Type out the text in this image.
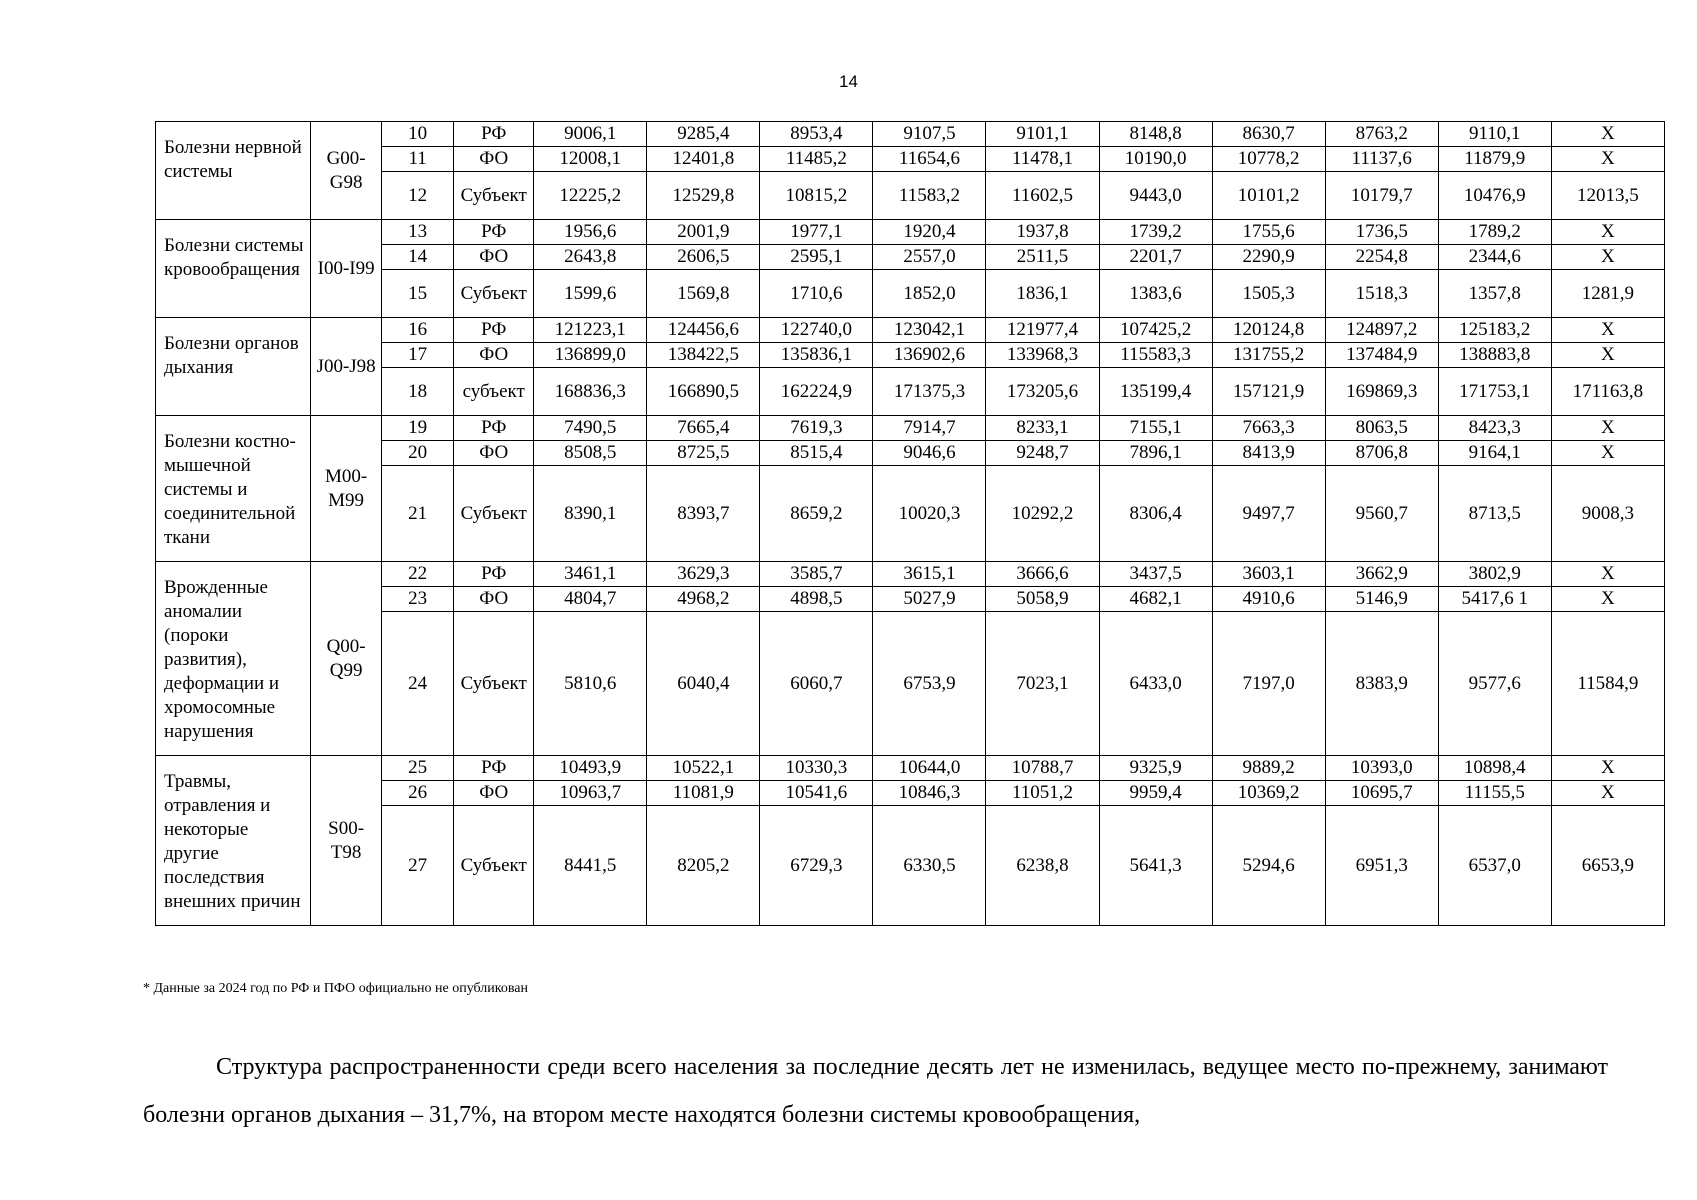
14
Болезни нервной системы	G00-G98	10	РФ	9006,1	9285,4	8953,4	9107,5	9101,1	8148,8	8630,7	8763,2	9110,1	Х
		11	ФО	12008,1	12401,8	11485,2	11654,6	11478,1	10190,0	10778,2	11137,6	11879,9	Х
		12	Субъект	12225,2	12529,8	10815,2	11583,2	11602,5	9443,0	10101,2	10179,7	10476,9	12013,5
Болезни системы кровообращения	I00-I99	13	РФ	1956,6	2001,9	1977,1	1920,4	1937,8	1739,2	1755,6	1736,5	1789,2	Х
		14	ФО	2643,8	2606,5	2595,1	2557,0	2511,5	2201,7	2290,9	2254,8	2344,6	Х
		15	Субъект	1599,6	1569,8	1710,6	1852,0	1836,1	1383,6	1505,3	1518,3	1357,8	1281,9
Болезни органов дыхания	J00-J98	16	РФ	121223,1	124456,6	122740,0	123042,1	121977,4	107425,2	120124,8	124897,2	125183,2	Х
		17	ФО	136899,0	138422,5	135836,1	136902,6	133968,3	115583,3	131755,2	137484,9	138883,8	Х
		18	субъект	168836,3	166890,5	162224,9	171375,3	173205,6	135199,4	157121,9	169869,3	171753,1	171163,8
Болезни костно-мышечной системы и соединительной ткани	M00-M99	19	РФ	7490,5	7665,4	7619,3	7914,7	8233,1	7155,1	7663,3	8063,5	8423,3	Х
		20	ФО	8508,5	8725,5	8515,4	9046,6	9248,7	7896,1	8413,9	8706,8	9164,1	Х
		21	Субъект	8390,1	8393,7	8659,2	10020,3	10292,2	8306,4	9497,7	9560,7	8713,5	9008,3
Врожденные аномалии (пороки развития), деформации и хромосомные нарушения	Q00-Q99	22	РФ	3461,1	3629,3	3585,7	3615,1	3666,6	3437,5	3603,1	3662,9	3802,9	Х
		23	ФО	4804,7	4968,2	4898,5	5027,9	5058,9	4682,1	4910,6	5146,9	5417,6 1	Х
		24	Субъект	5810,6	6040,4	6060,7	6753,9	7023,1	6433,0	7197,0	8383,9	9577,6	11584,9
Травмы, отравления и некоторые другие последствия внешних причин	S00-T98	25	РФ	10493,9	10522,1	10330,3	10644,0	10788,7	9325,9	9889,2	10393,0	10898,4	Х
		26	ФО	10963,7	11081,9	10541,6	10846,3	11051,2	9959,4	10369,2	10695,7	11155,5	Х
		27	Субъект	8441,5	8205,2	6729,3	6330,5	6238,8	5641,3	5294,6	6951,3	6537,0	6653,9
* Данные за 2024 год по РФ и ПФО официально не опубликован
Структура распространенности среди всего населения за последние десять лет не изменилась, ведущее место по-прежнему, занимают болезни органов дыхания – 31,7%, на втором месте находятся болезни системы кровообращения,
